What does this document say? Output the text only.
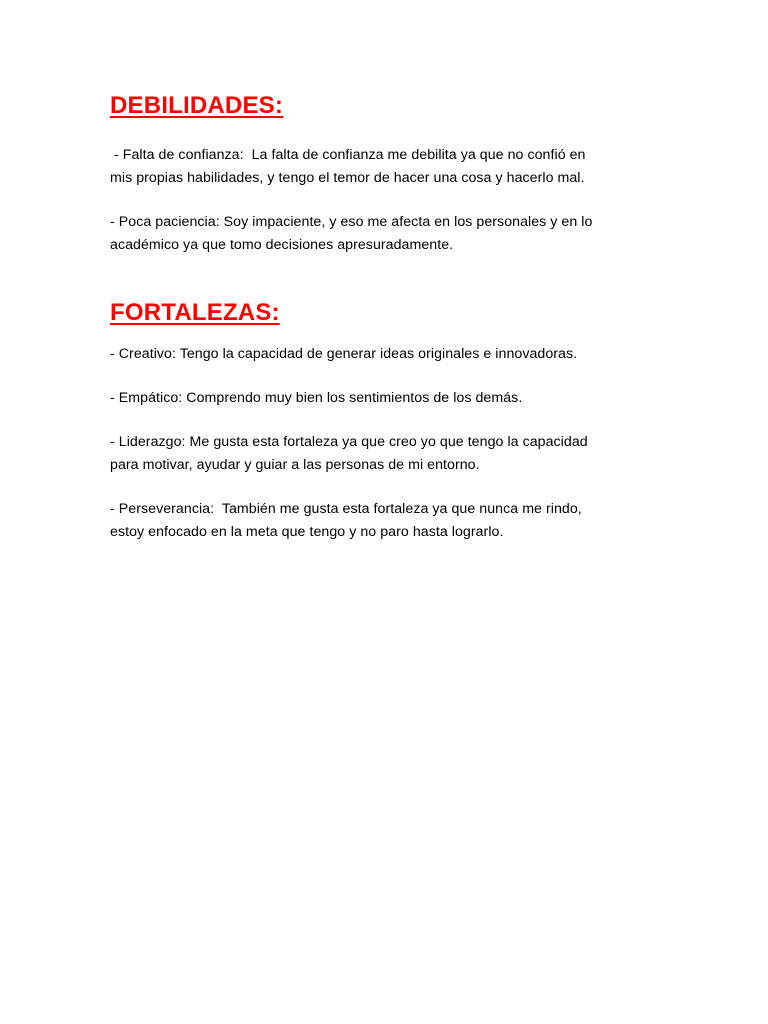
DEBILIDADES:

- Falta de confianza:  La falta de confianza me debilita ya que no confió en
mis propias habilidades, y tengo el temor de hacer una cosa y hacerlo mal.

- Poca paciencia: Soy impaciente, y eso me afecta en los personales y en lo
académico ya que tomo decisiones apresuradamente.

FORTALEZAS:

- Creativo: Tengo la capacidad de generar ideas originales e innovadoras.

- Empático: Comprendo muy bien los sentimientos de los demás.

- Liderazgo: Me gusta esta fortaleza ya que creo yo que tengo la capacidad
para motivar, ayudar y guiar a las personas de mi entorno.

- Perseverancia:  También me gusta esta fortaleza ya que nunca me rindo,
estoy enfocado en la meta que tengo y no paro hasta lograrlo.
